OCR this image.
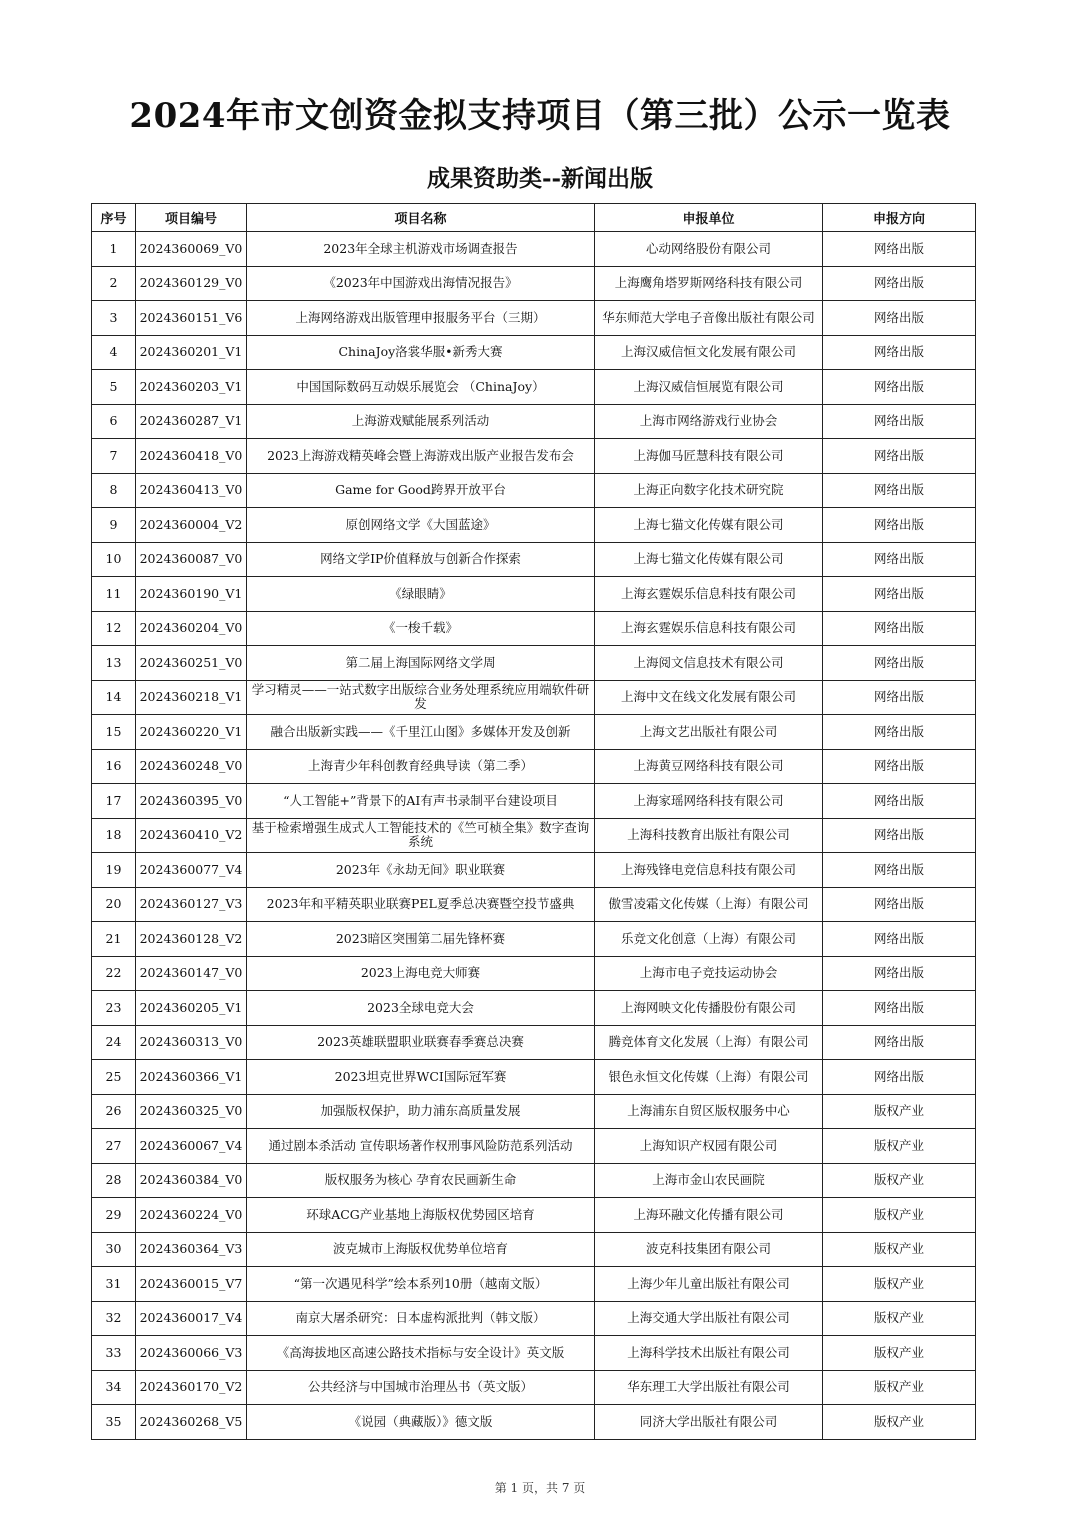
2024年市文创资金拟支持项目（第三批）公示一览表
成果资助类--新闻出版
序号	项目编号	项目名称	申报单位	申报方向
1	2024360069_V0	2023年全球主机游戏市场调查报告	心动网络股份有限公司	网络出版
2	2024360129_V0	《2023年中国游戏出海情况报告》	上海鹰角塔罗斯网络科技有限公司	网络出版
3	2024360151_V6	上海网络游戏出版管理申报服务平台（三期）	华东师范大学电子音像出版社有限公司	网络出版
4	2024360201_V1	ChinaJoy洛裳华服•新秀大赛	上海汉威信恒文化发展有限公司	网络出版
5	2024360203_V1	中国国际数码互动娱乐展览会 （ChinaJoy）	上海汉威信恒展览有限公司	网络出版
6	2024360287_V1	上海游戏赋能展系列活动	上海市网络游戏行业协会	网络出版
7	2024360418_V0	2023上海游戏精英峰会暨上海游戏出版产业报告发布会	上海伽马匠慧科技有限公司	网络出版
8	2024360413_V0	Game for Good跨界开放平台	上海正向数字化技术研究院	网络出版
9	2024360004_V2	原创网络文学《大国蓝途》	上海七猫文化传媒有限公司	网络出版
10	2024360087_V0	网络文学IP价值释放与创新合作探索	上海七猫文化传媒有限公司	网络出版
11	2024360190_V1	《绿眼睛》	上海玄霆娱乐信息科技有限公司	网络出版
12	2024360204_V0	《一梭千载》	上海玄霆娱乐信息科技有限公司	网络出版
13	2024360251_V0	第二届上海国际网络文学周	上海阅文信息技术有限公司	网络出版
14	2024360218_V1	学习精灵——一站式数字出版综合业务处理系统应用端软件研发	上海中文在线文化发展有限公司	网络出版
15	2024360220_V1	融合出版新实践——《千里江山图》多媒体开发及创新	上海文艺出版社有限公司	网络出版
16	2024360248_V0	上海青少年科创教育经典导读（第二季）	上海黄豆网络科技有限公司	网络出版
17	2024360395_V0	“人工智能+”背景下的AI有声书录制平台建设项目	上海家瑶网络科技有限公司	网络出版
18	2024360410_V2	基于检索增强生成式人工智能技术的《竺可桢全集》数字查询系统	上海科技教育出版社有限公司	网络出版
19	2024360077_V4	2023年《永劫无间》职业联赛	上海残锋电竞信息科技有限公司	网络出版
20	2024360127_V3	2023年和平精英职业联赛PEL夏季总决赛暨空投节盛典	傲雪凌霜文化传媒（上海）有限公司	网络出版
21	2024360128_V2	2023暗区突围第二届先锋杯赛	乐竞文化创意（上海）有限公司	网络出版
22	2024360147_V0	2023上海电竞大师赛	上海市电子竞技运动协会	网络出版
23	2024360205_V1	2023全球电竞大会	上海网映文化传播股份有限公司	网络出版
24	2024360313_V0	2023英雄联盟职业联赛春季赛总决赛	腾竞体育文化发展（上海）有限公司	网络出版
25	2024360366_V1	2023坦克世界WCI国际冠军赛	银色永恒文化传媒（上海）有限公司	网络出版
26	2024360325_V0	加强版权保护，助力浦东高质量发展	上海浦东自贸区版权服务中心	版权产业
27	2024360067_V4	通过剧本杀活动 宣传职场著作权刑事风险防范系列活动	上海知识产权园有限公司	版权产业
28	2024360384_V0	版权服务为核心 孕育农民画新生命	上海市金山农民画院	版权产业
29	2024360224_V0	环球ACG产业基地上海版权优势园区培育	上海环融文化传播有限公司	版权产业
30	2024360364_V3	波克城市上海版权优势单位培育	波克科技集团有限公司	版权产业
31	2024360015_V7	“第一次遇见科学”绘本系列10册（越南文版）	上海少年儿童出版社有限公司	版权产业
32	2024360017_V4	南京大屠杀研究：日本虚构派批判（韩文版）	上海交通大学出版社有限公司	版权产业
33	2024360066_V3	《高海拔地区高速公路技术指标与安全设计》英文版	上海科学技术出版社有限公司	版权产业
34	2024360170_V2	公共经济与中国城市治理丛书（英文版）	华东理工大学出版社有限公司	版权产业
35	2024360268_V5	《说园（典藏版）》德文版	同济大学出版社有限公司	版权产业
第 1 页，共 7 页
